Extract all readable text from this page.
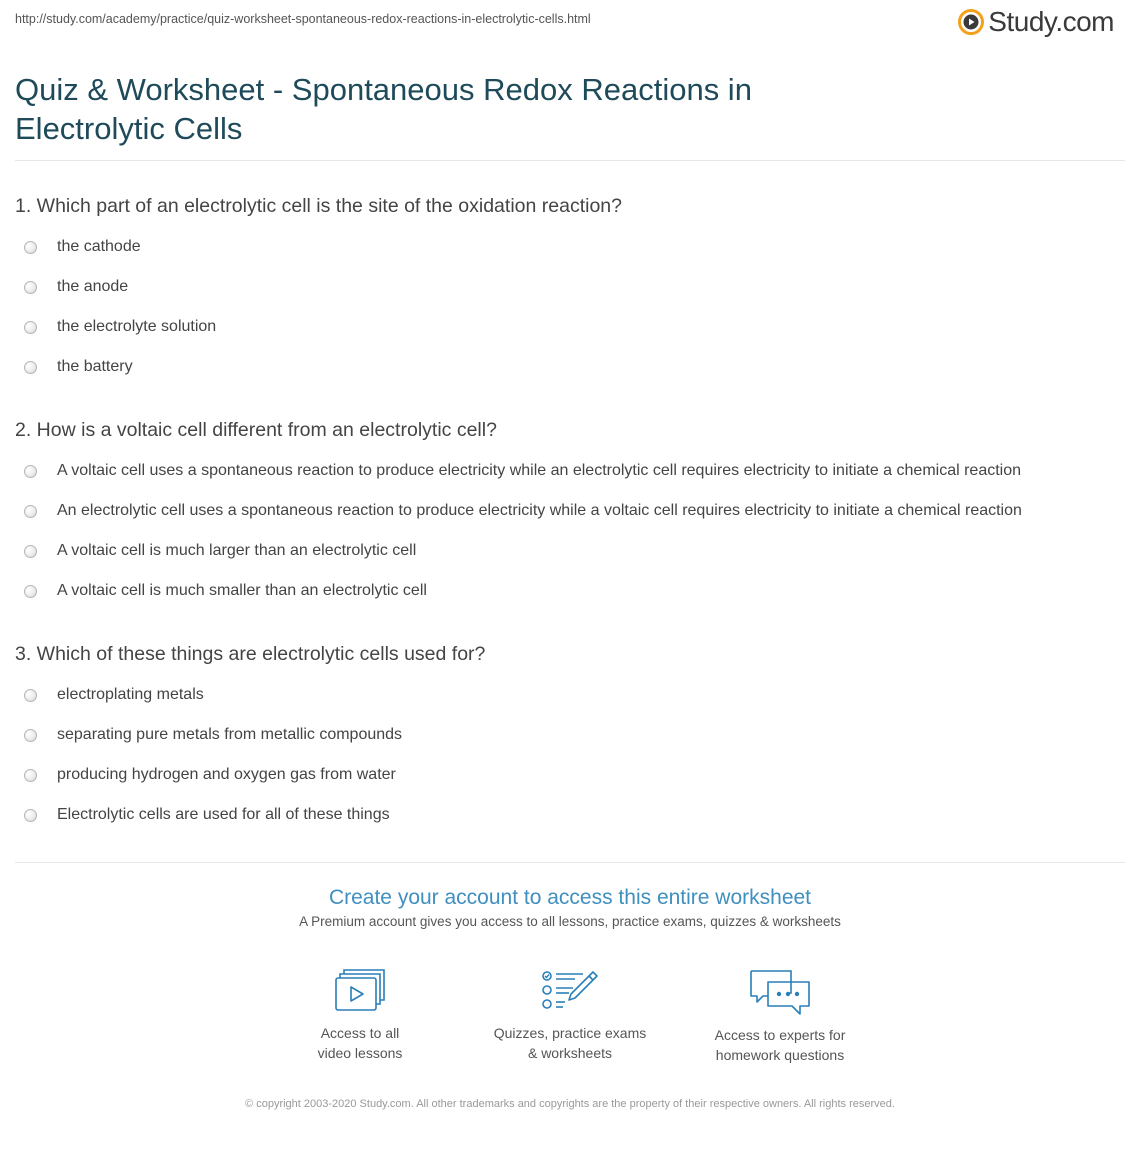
http://study.com/academy/practice/quiz-worksheet-spontaneous-redox-reactions-in-electrolytic-cells.html	Study.com
Quiz & Worksheet - Spontaneous Redox Reactions in Electrolytic Cells
1. Which part of an electrolytic cell is the site of the oxidation reaction?
the cathode
the anode
the electrolyte solution
the battery
2. How is a voltaic cell different from an electrolytic cell?
A voltaic cell uses a spontaneous reaction to produce electricity while an electrolytic cell requires electricity to initiate a chemical reaction
An electrolytic cell uses a spontaneous reaction to produce electricity while a voltaic cell requires electricity to initiate a chemical reaction
A voltaic cell is much larger than an electrolytic cell
A voltaic cell is much smaller than an electrolytic cell
3. Which of these things are electrolytic cells used for?
electroplating metals
separating pure metals from metallic compounds
producing hydrogen and oxygen gas from water
Electrolytic cells are used for all of these things
Create your account to access this entire worksheet
A Premium account gives you access to all lessons, practice exams, quizzes & worksheets
Access to all
video lessons
Quizzes, practice exams
& worksheets
Access to experts for
homework questions
© copyright 2003-2020 Study.com. All other trademarks and copyrights are the property of their respective owners. All rights reserved.
